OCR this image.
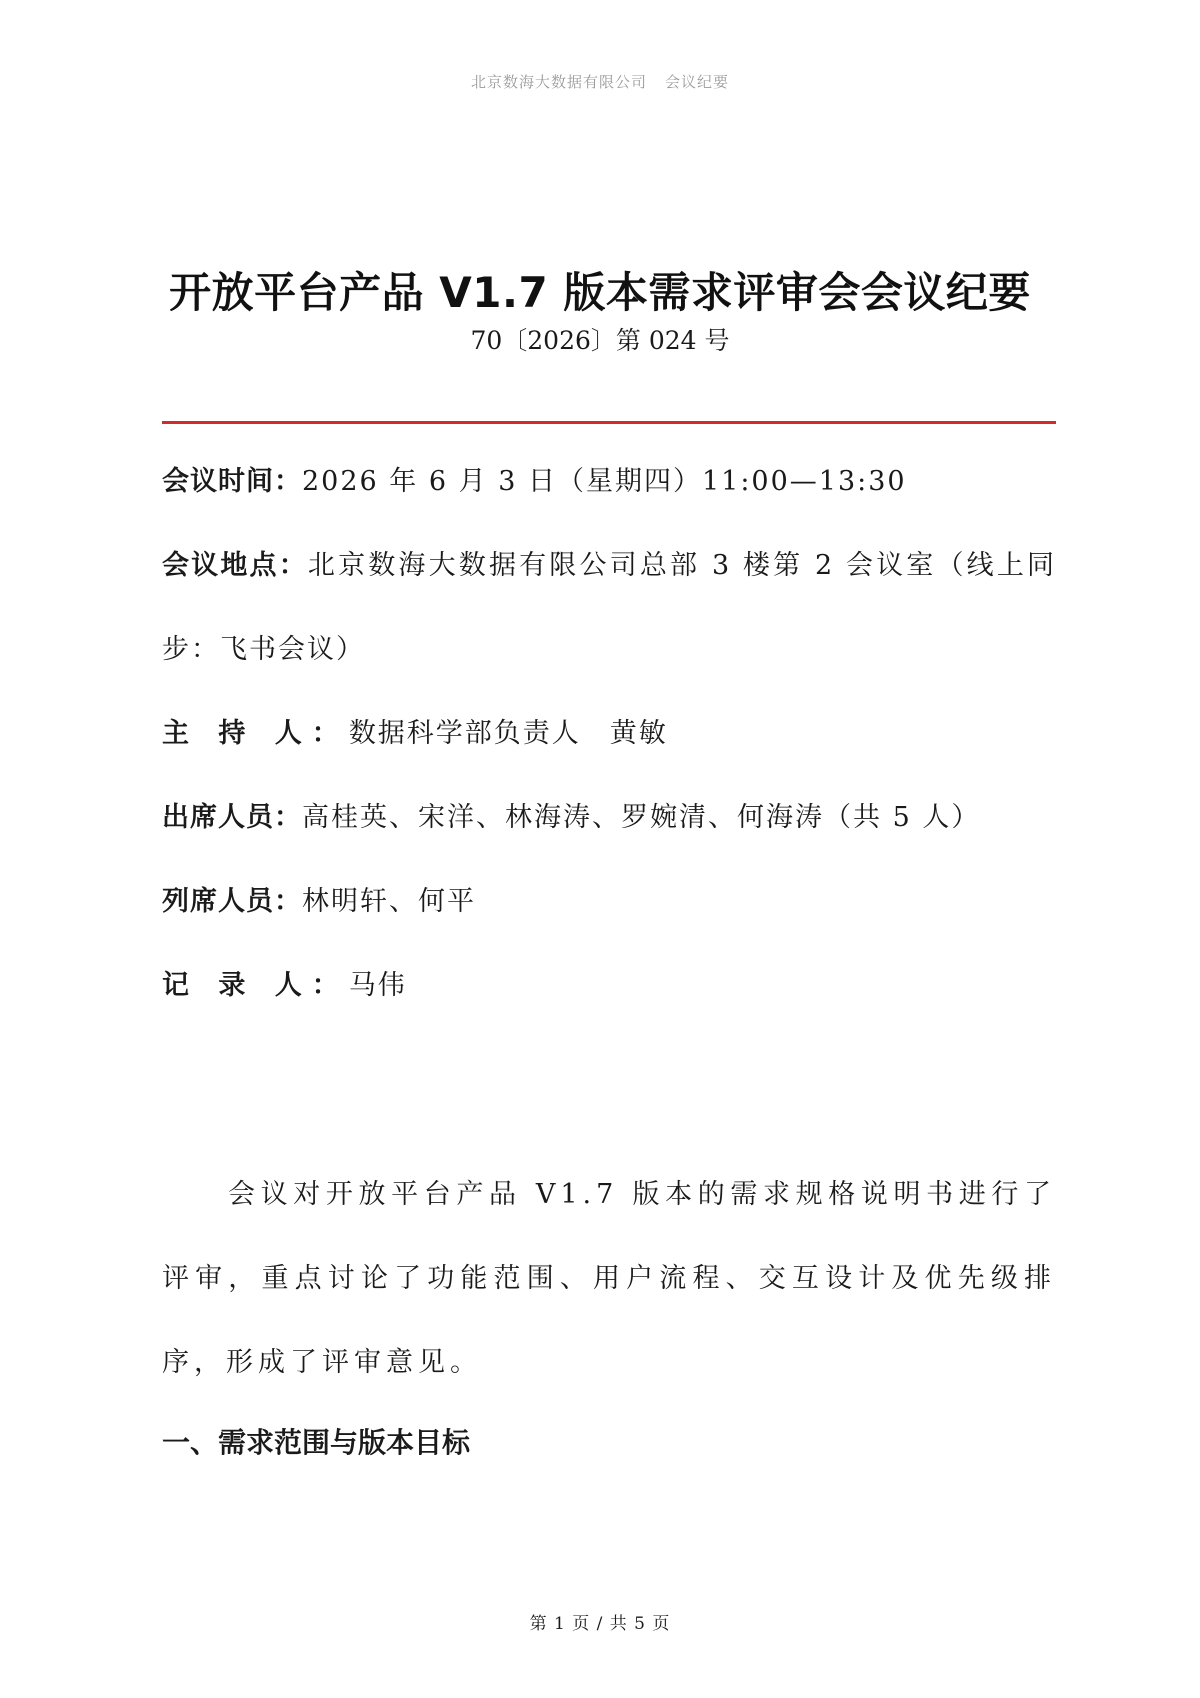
北京数海大数据有限公司 会议纪要
开放平台产品 V1.7 版本需求评审会会议纪要
70〔2026〕第 024 号

会议时间：2026 年 6 月 3 日（星期四）11:00—13:30

会议地点：北京数海大数据有限公司总部 3 楼第 2 会议室（线上同步：飞书会议）

主 持 人：数据科学部负责人　黄敏

出席人员：高桂英、宋洋、林海涛、罗婉清、何海涛（共 5 人）

列席人员：林明轩、何平

记 录 人：马伟

会议对开放平台产品 V1.7 版本的需求规格说明书进行了评审，重点讨论了功能范围、用户流程、交互设计及优先级排序，形成了评审意见。

一、需求范围与版本目标
第 1 页 / 共 5 页
